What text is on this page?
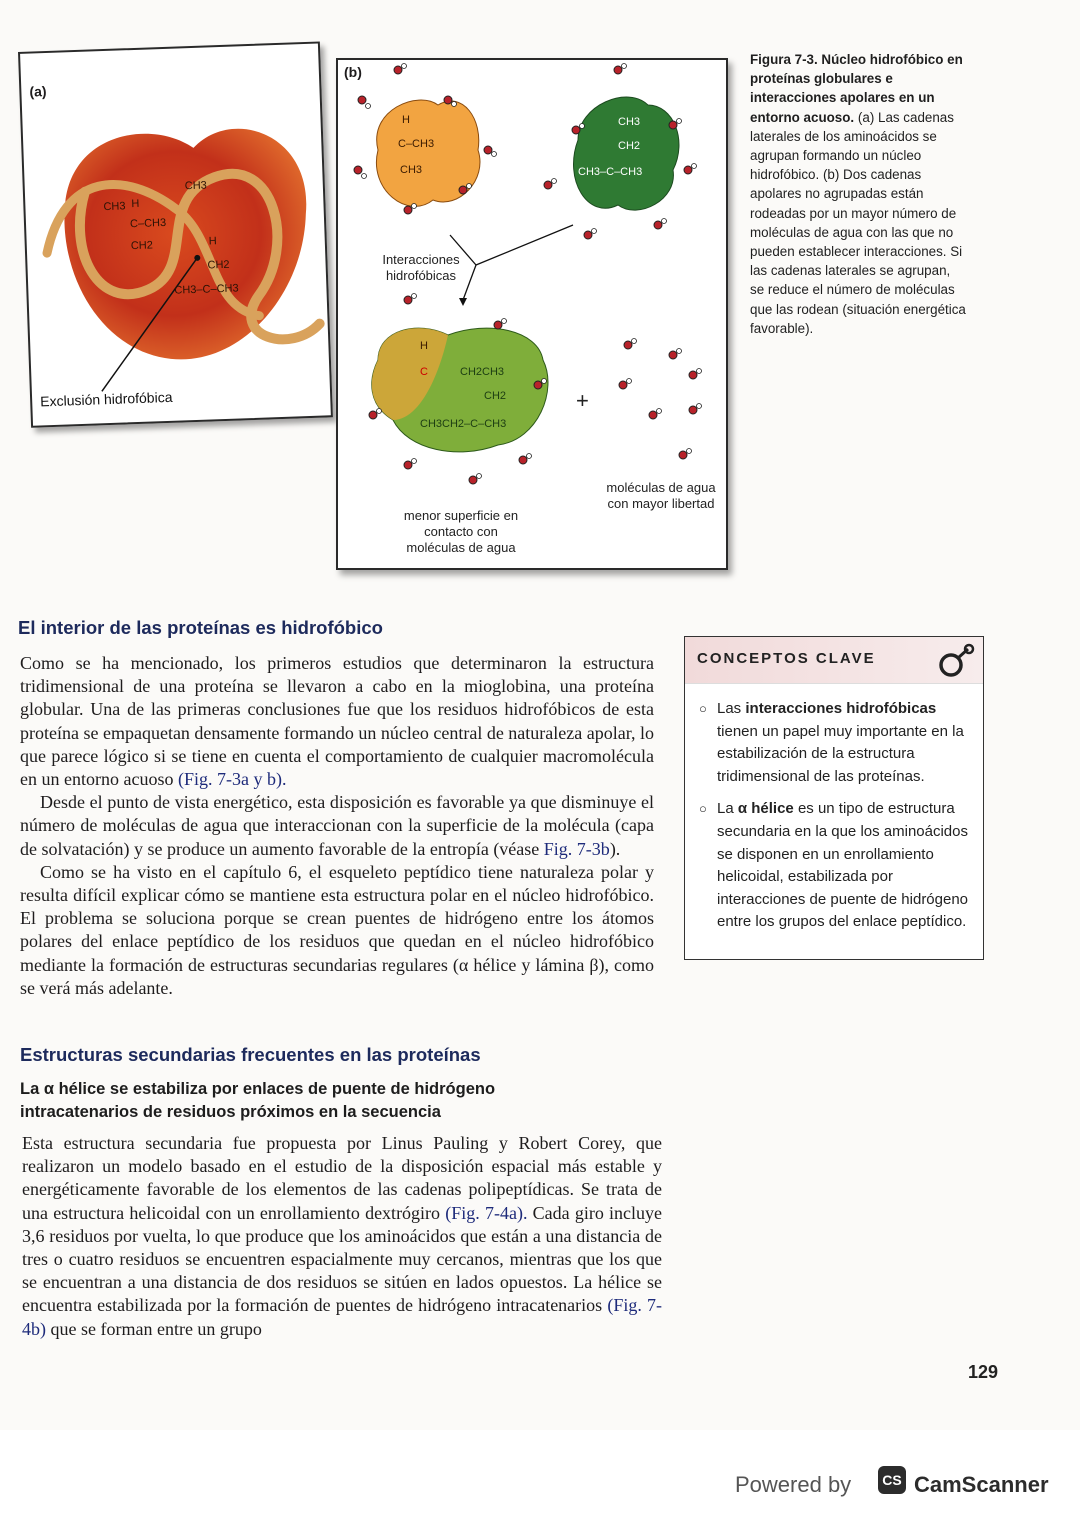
(a)
CH3
CH3 H
C–CH3
CH2	H
CH2
CH3–C–CH3
Exclusión hidrofóbica
(b)
H
C–CH3
CH3
CH3
CH2
CH3–C–CH3
Interacciones hidrofóbicas
H
C	CH2CH3
CH2
CH3CH2–C–CH3
+
menor superficie en contacto con moléculas de agua
moléculas de agua con mayor libertad
Figura 7-3. Núcleo hidrofóbico en proteínas globulares e interacciones apolares en un entorno acuoso. (a) Las cadenas laterales de los aminoácidos se agrupan formando un núcleo hidrofóbico. (b) Dos cadenas apolares no agrupadas están rodeadas por un mayor número de moléculas de agua con las que no pueden establecer interacciones. Si las cadenas laterales se agrupan, se reduce el número de moléculas que las rodean (situación energética favorable).

El interior de las proteínas es hidrofóbico

Como se ha mencionado, los primeros estudios que determinaron la estructura tridimensional de una proteína se llevaron a cabo en la mioglobina, una proteína globular. Una de las primeras conclusiones fue que los residuos hidrofóbicos de esta proteína se empaquetan densamente formando un núcleo central de naturaleza apolar, lo que parece lógico si se tiene en cuenta el comportamiento de cualquier macromolécula en un entorno acuoso (Fig. 7-3a y b).

Desde el punto de vista energético, esta disposición es favorable ya que disminuye el número de moléculas de agua que interaccionan con la superficie de la molécula (capa de solvatación) y se produce un aumento favorable de la entropía (véase Fig. 7-3b).

Como se ha visto en el capítulo 6, el esqueleto peptídico tiene naturaleza polar y resulta difícil explicar cómo se mantiene esta estructura polar en el núcleo hidrofóbico. El problema se soluciona porque se crean puentes de hidrógeno entre los átomos polares del enlace peptídico de los residuos que quedan en el núcleo hidrofóbico mediante la formación de estructuras secundarias regulares (α hélice y lámina β), como se verá más adelante.

Estructuras secundarias frecuentes en las proteínas
La α hélice se estabiliza por enlaces de puente de hidrógeno intracatenarios de residuos próximos en la secuencia

Esta estructura secundaria fue propuesta por Linus Pauling y Robert Corey, que realizaron un modelo basado en el estudio de la disposición espacial más estable y energéticamente favorable de los elementos de las cadenas polipeptídicas. Se trata de una estructura helicoidal con un enrollamiento dextrógiro (Fig. 7-4a). Cada giro incluye 3,6 residuos por vuelta, lo que produce que los aminoácidos que están a una distancia de tres o cuatro residuos se encuentren espacialmente muy cercanos, mientras que los que se encuentran a una distancia de dos residuos se sitúen en lados opuestos. La hélice se encuentra estabilizada por la formación de puentes de hidrógeno intracatenarios (Fig. 7-4b) que se forman entre un grupo

CONCEPTOS CLAVE
○ Las interacciones hidrofóbicas tienen un papel muy importante en la estabilización de la estructura tridimensional de las proteínas.
○ La α hélice es un tipo de estructura secundaria en la que los aminoácidos se disponen en un enrollamiento helicoidal, estabilizada por interacciones de puente de hidrógeno entre los grupos del enlace peptídico.
129
Powered by	CS CamScanner
